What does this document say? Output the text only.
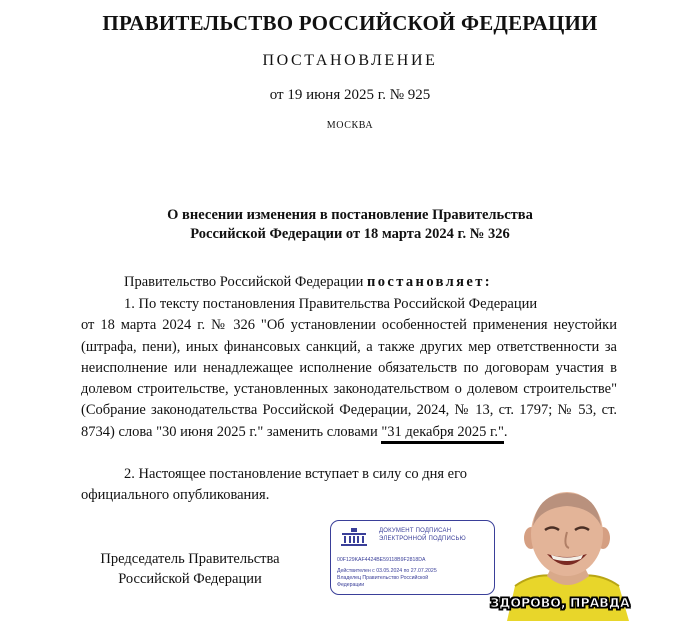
ПРАВИТЕЛЬСТВО РОССИЙСКОЙ ФЕДЕРАЦИИ
ПОСТАНОВЛЕНИЕ
от 19 июня 2025 г. № 925
МОСКВА
О внесении изменения в постановление Правительства
Российской Федерации от 18 марта 2024 г. № 326
Правительство Российской Федерации постановляет:
1. По тексту постановления Правительства Российской Федерации
от 18 марта 2024 г. № 326 "Об установлении особенностей применения неустойки (штрафа, пени), иных финансовых санкций, а также других мер ответственности за неисполнение или ненадлежащее исполнение обязательств по договорам участия в долевом строительстве, установленных законодательством о долевом строительстве" (Собрание законодательства Российской Федерации, 2024, № 13, ст. 1797; № 53, ст. 8734) слова "30 июня 2025 г." заменить словами "31 декабря 2025 г.".
2. Настоящее постановление вступает в силу со дня его
официального опубликования.
Председатель Правительства
Российской Федерации
ДОКУМЕНТ ПОДПИСАН ЭЛЕКТРОННОЙ ПОДПИСЬЮ
00F129KAF4424BE59118B9F2818DA
Действителен с 03.05.2024 по 27.07.2025
Владелец Правительство Российской
Федерации
ЗДОРОВО, ПРАВДА
